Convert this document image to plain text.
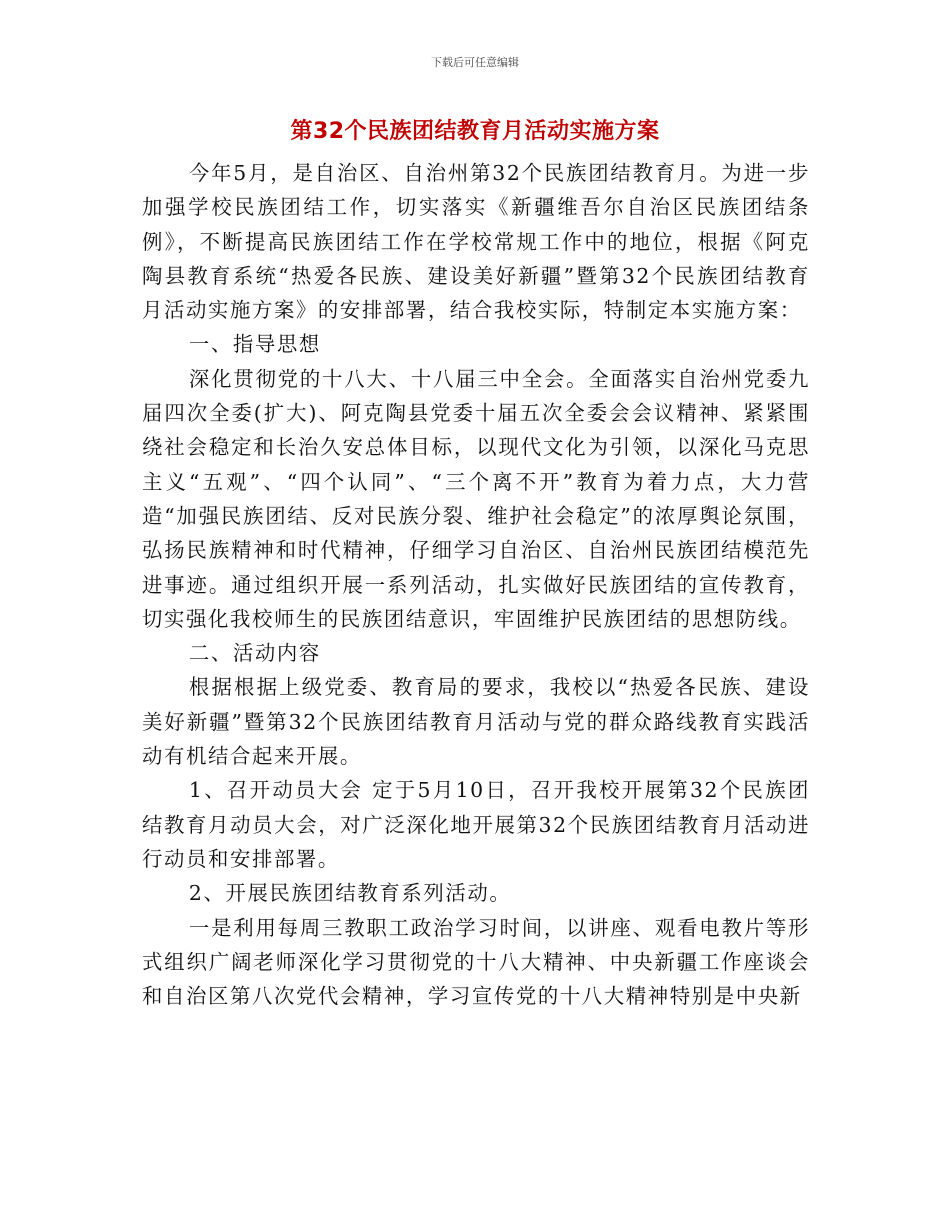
下载后可任意编辑
第32个民族团结教育月活动实施方案

今年5月，是自治区、自治州第32个民族团结教育月。为进一步加强学校民族团结工作，切实落实《新疆维吾尔自治区民族团结条例》，不断提高民族团结工作在学校常规工作中的地位，根据《阿克陶县教育系统“热爱各民族、建设美好新疆”暨第32个民族团结教育月活动实施方案》的安排部署，结合我校实际，特制定本实施方案：

一、指导思想

深化贯彻党的十八大、十八届三中全会。全面落实自治州党委九届四次全委(扩大)、阿克陶县党委十届五次全委会会议精神、紧紧围绕社会稳定和长治久安总体目标，以现代文化为引领，以深化马克思主义“五观”、“四个认同”、“三个离不开”教育为着力点，大力营造“加强民族团结、反对民族分裂、维护社会稳定”的浓厚舆论氛围，弘扬民族精神和时代精神，仔细学习自治区、自治州民族团结模范先进事迹。通过组织开展一系列活动，扎实做好民族团结的宣传教育，切实强化我校师生的民族团结意识，牢固维护民族团结的思想防线。

二、活动内容

根据根据上级党委、教育局的要求，我校以“热爱各民族、建设美好新疆”暨第32个民族团结教育月活动与党的群众路线教育实践活动有机结合起来开展。

1、召开动员大会 定于5月10日，召开我校开展第32个民族团结教育月动员大会，对广泛深化地开展第32个民族团结教育月活动进行动员和安排部署。

2、开展民族团结教育系列活动。

一是利用每周三教职工政治学习时间，以讲座、观看电教片等形式组织广阔老师深化学习贯彻党的十八大精神、中央新疆工作座谈会和自治区第八次党代会精神，学习宣传党的十八大精神特别是中央新
